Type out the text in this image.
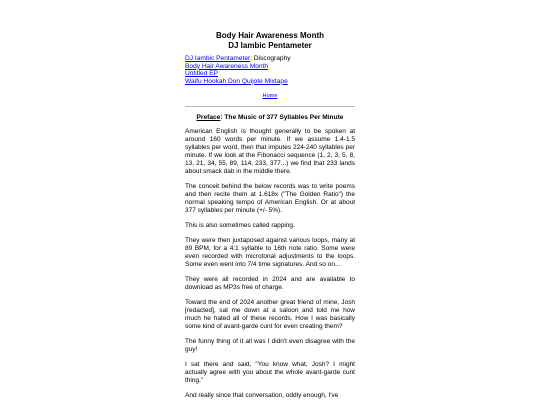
Body Hair Awareness Month
DJ Iambic Pentameter
DJ Iambic Pentameter: Discography
Body Hair Awareness Month
Untitled EP
Waifu Hookah Don Quijote Mixtape
Home
Preface: The Music of 377 Syllables Per Minute

American English is thought generally to be spoken at around 160 words per minute. If we assume 1.4-1.5 syllables per word, then that imputes 224-240 syllables per minute. If we look at the Fibonacci sequence (1, 2, 3, 5, 8, 13, 21, 34, 55, 89, 114, 233, 377...) we find that 233 lands about smack dab in the middle there.

The conceit behind the below records was to write poems and then recite them at 1.618x ("The Golden Ratio") the normal speaking tempo of American English. Or at about 377 syllables per minute (+/- 5%).

This is also sometimes called rapping.

They were then juxtaposed against various loops, many at 89 BPM, for a 4:1 syllable to 16th note ratio. Some were even recorded with microtonal adjustments to the loops. Some even went into 7/4 time signatures. And so on...

They were all recorded in 2024 and are available to download as MP3s free of charge.

Toward the end of 2024 another great friend of mine, Josh [redacted], sat me down at a saloon and told me how much he hated all of these records. How I was basically some kind of avant-garde cunt for even creating them?

The funny thing of it all was I didn't even disagree with the guy!

I sat there and said, "You know what, Josh? I might actually agree with you about the whole avant-garde cunt thing."

And really since that conversation, oddly enough, I've
